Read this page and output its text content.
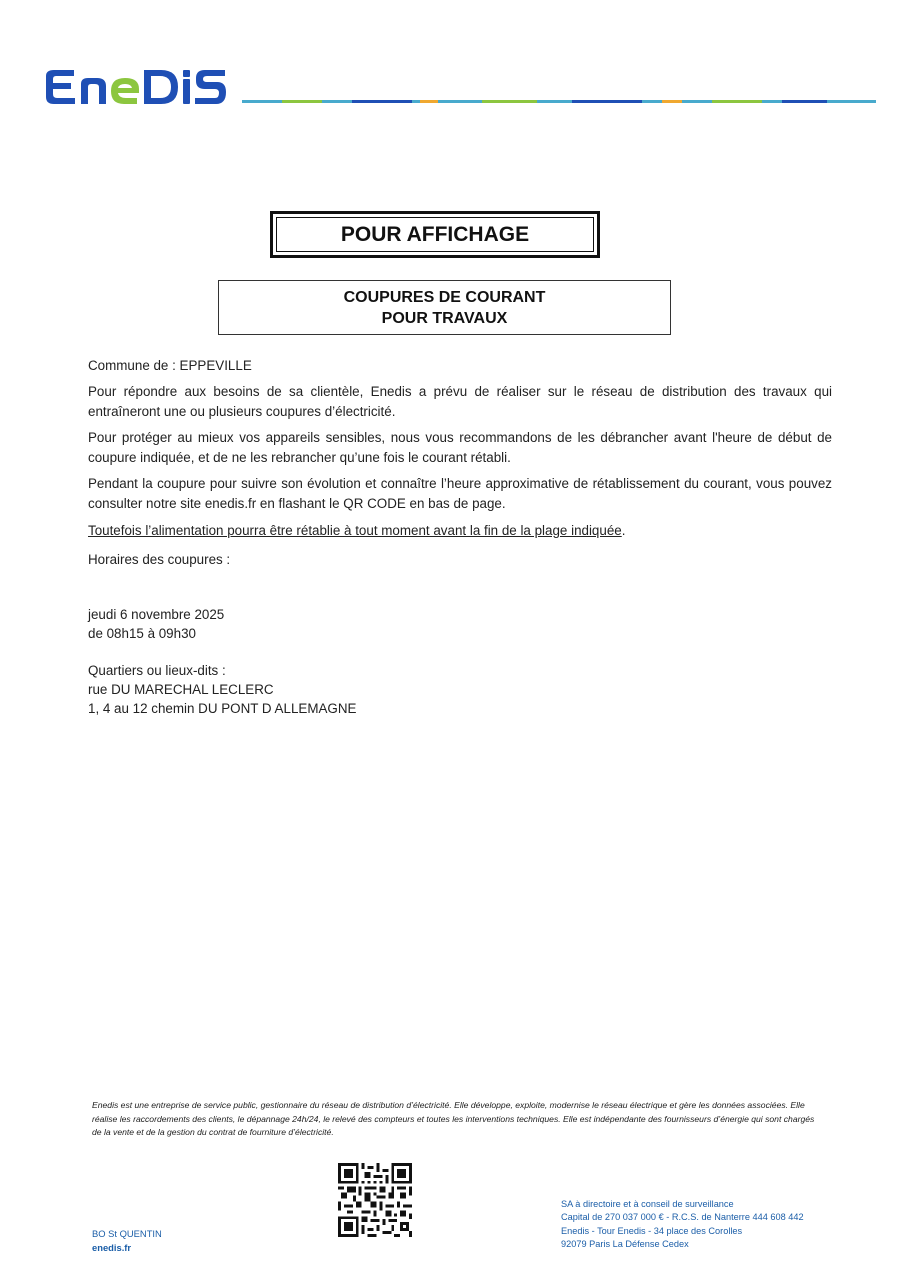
POUR AFFICHAGE
COUPURES DE COURANT
POUR TRAVAUX
Commune de : EPPEVILLE
Pour répondre aux besoins de sa clientèle, Enedis a prévu de réaliser sur le réseau de distribution des travaux qui entraîneront une ou plusieurs coupures d’électricité.
Pour protéger au mieux vos appareils sensibles, nous vous recommandons de les débrancher avant l'heure de début de coupure indiquée, et de ne les rebrancher qu’une fois le courant rétabli.
Pendant la coupure pour suivre son évolution et connaître l’heure approximative de rétablissement du courant, vous pouvez consulter notre site enedis.fr en flashant le QR CODE en bas de page.
Toutefois l’alimentation pourra être rétablie à tout moment avant la fin de la plage indiquée.
Horaires des coupures :
jeudi 6 novembre 2025
de 08h15 à 09h30
Quartiers ou lieux-dits :
rue DU MARECHAL LECLERC
1, 4 au 12 chemin DU PONT D ALLEMAGNE
Enedis est une entreprise de service public, gestionnaire du réseau de distribution d’électricité. Elle développe, exploite, modernise le réseau électrique et gère les données associées. Elle réalise les raccordements des clients, le dépannage 24h/24, le relevé des compteurs et toutes les interventions techniques. Elle est indépendante des fournisseurs d’énergie qui sont chargés de la vente et de la gestion du contrat de fourniture d’électricité.
BO St QUENTIN
enedis.fr
SA à directoire et à conseil de surveillance
Capital de 270 037 000 € - R.C.S. de Nanterre 444 608 442
Enedis - Tour Enedis - 34 place des Corolles
92079 Paris La Défense Cedex
